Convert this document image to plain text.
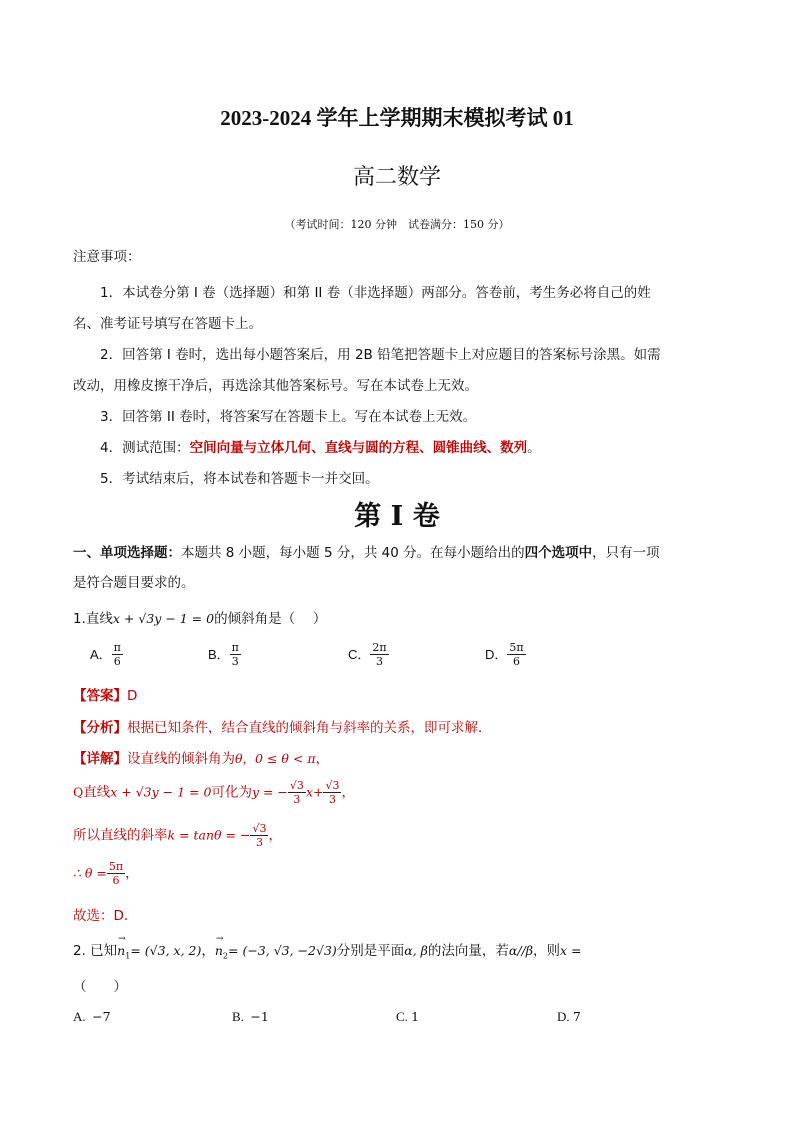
2023-2024 学年上学期期末模拟考试 01
高二数学
（考试时间：120 分钟　试卷满分：150 分）
注意事项：
1．本试卷分第 I 卷（选择题）和第 II 卷（非选择题）两部分。答卷前，考生务必将自己的姓
名、准考证号填写在答题卡上。
2．回答第 I 卷时，选出每小题答案后，用 2B 铅笔把答题卡上对应题目的答案标号涂黑。如需
改动，用橡皮擦干净后，再选涂其他答案标号。写在本试卷上无效。
3．回答第 II 卷时，将答案写在答题卡上。写在本试卷上无效。
4．测试范围：空间向量与立体几何、直线与圆的方程、圆锥曲线、数列。
5．考试结束后，将本试卷和答题卡一并交回。
第 I 卷
一、单项选择题：本题共 8 小题，每小题 5 分，共 40 分。在每小题给出的四个选项中，只有一项
是符合题目要求的。
1.直线x + √3y − 1 = 0的倾斜角是（　 ）
A． $\frac{\pi}{6}$	B． $\frac{\pi}{3}$	C． $\frac{2\pi}{3}$	D． $\frac{5\pi}{6}$
【答案】D
【分析】根据已知条件，结合直线的倾斜角与斜率的关系，即可求解．
【详解】设直线的倾斜角为θ，0 ≤ θ < π，
Q直线x + √3y − 1 = 0可化为y = − $\frac{√3}{3} x+ \frac{√3}{3}$ ，
所以直线的斜率k = tanθ = − $\frac{√3}{3}$ ，
∴ $\theta = \frac{5\pi}{6}$ ，
故选：D．
2. 已知
→
$n_1= (√3$, x, 2)，
→
$n_2= (-3$, √3, −2√3)分别是平面α, β的法向量，若α//β，则x =
（　　）
A. −7	B. −1	C. 1	D. 7
